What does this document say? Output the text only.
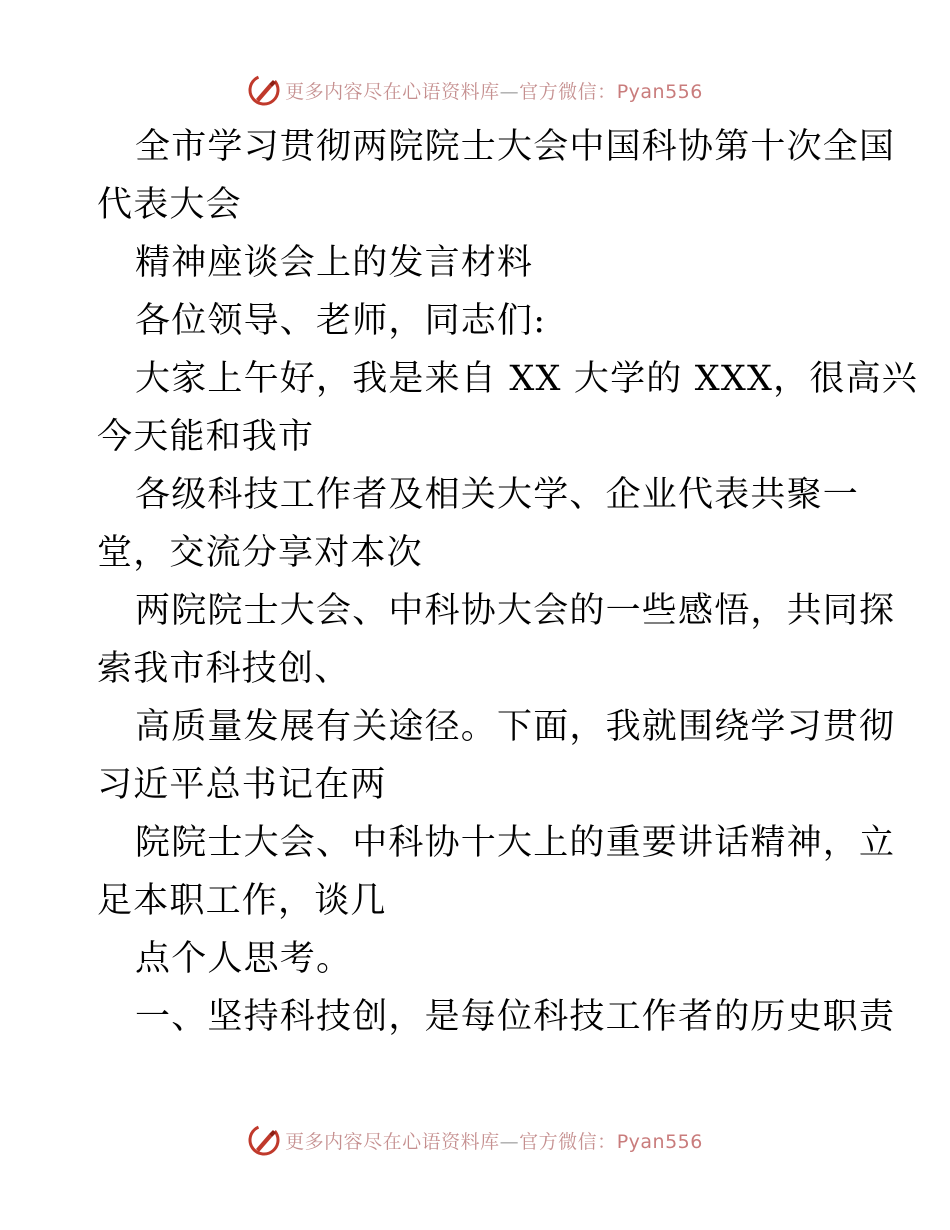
更多内容尽在心语资料库—官方微信：Pyan556
全市学习贯彻两院院士大会中国科协第十次全国
代表大会
精神座谈会上的发言材料
各位领导、老师，同志们:
大家上午好，我是来自 XX 大学的 XXX，很高兴
今天能和我市
各级科技工作者及相关大学、企业代表共聚一
堂，交流分享对本次
两院院士大会、中科协大会的一些感悟，共同探
索我市科技创、
高质量发展有关途径。下面，我就围绕学习贯彻
习近平总书记在两
院院士大会、中科协十大上的重要讲话精神，立
足本职工作，谈几
点个人思考。
一、坚持科技创，是每位科技工作者的历史职责
更多内容尽在心语资料库—官方微信：Pyan556
